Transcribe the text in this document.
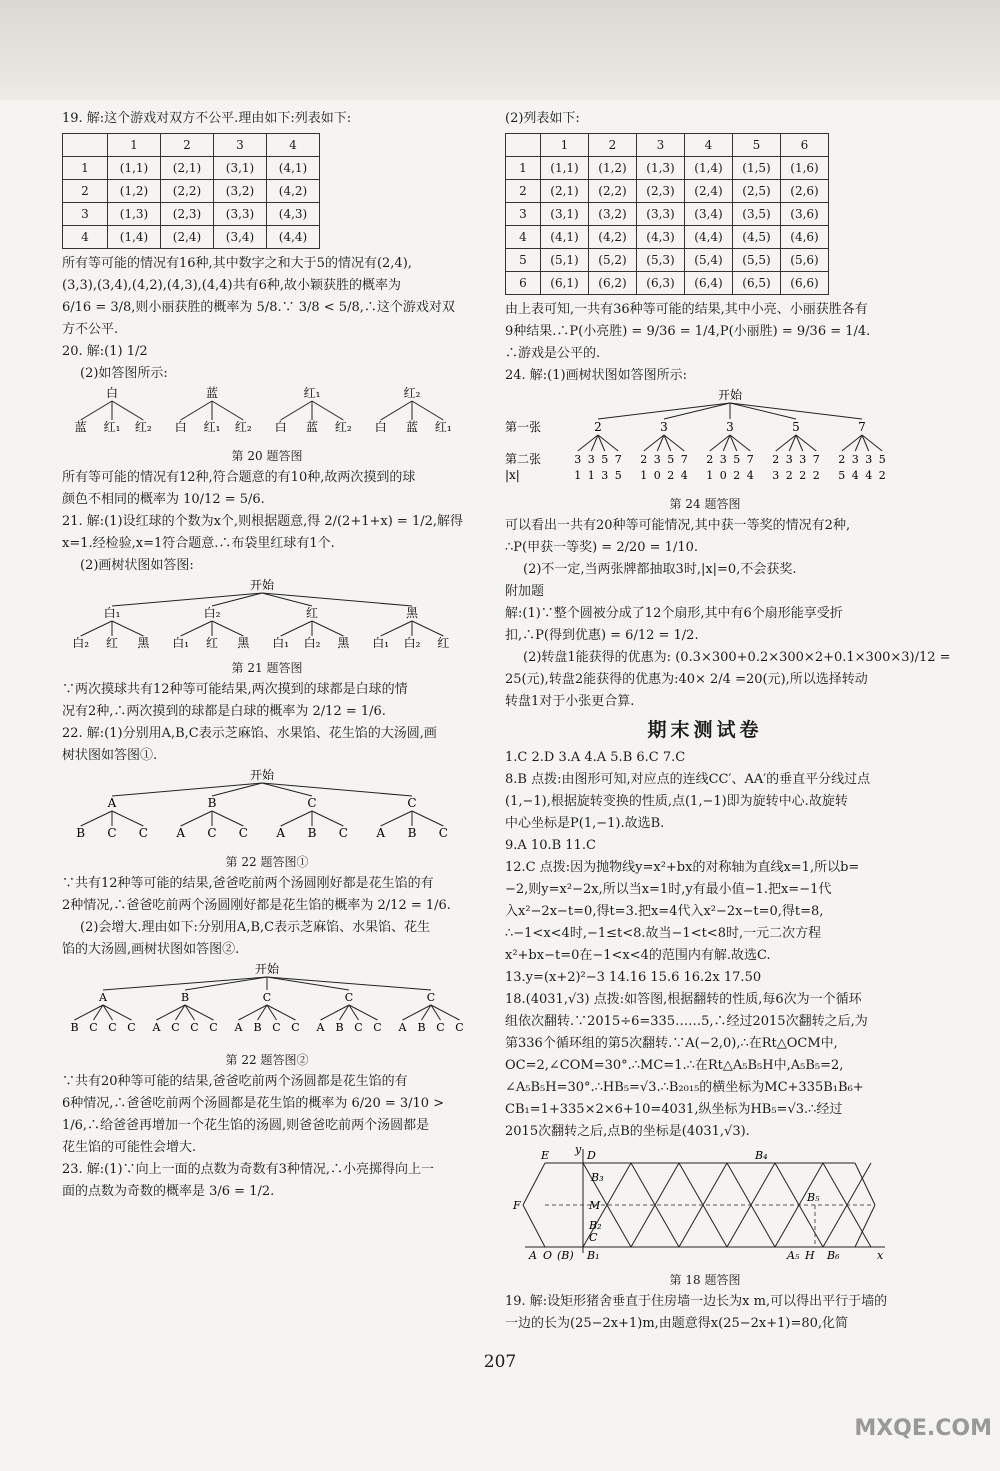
19. 解:这个游戏对双方不公平.理由如下:列表如下:

	1	2	3	4
1	(1,1)	(2,1)	(3,1)	(4,1)
2	(1,2)	(2,2)	(3,2)	(4,2)
3	(1,3)	(2,3)	(3,3)	(4,3)
4	(1,4)	(2,4)	(3,4)	(4,4)

所有等可能的情况有16种,其中数字之和大于5的情况有(2,4),

(3,3),(3,4),(4,2),(4,3),(4,4)共有6种,故小颖获胜的概率为

6/16 = 3/8,则小丽获胜的概率为 5/8.∵ 3/8 < 5/8,∴这个游戏对双

方不公平.

20. 解:(1) 1/2

(2)如答图所示:

白
蓝 红₁ 红₂
蓝
白 红₁ 红₂
红₁
白 蓝 红₂
红₂
白 蓝 红₁

第 20 题答图

所有等可能的情况有12种,符合题意的有10种,故两次摸到的球

颜色不相同的概率为 10/12 = 5/6.

21. 解:(1)设红球的个数为x个,则根据题意,得 2/(2+1+x) = 1/2,解得

x=1.经检验,x=1符合题意.∴布袋里红球有1个.

(2)画树状图如答图:

开始
白₁
白₂ 红 黑
白₂
白₁ 红 黑
红
白₁ 白₂ 黑
黑
白₁ 白₂ 红

第 21 题答图

∵两次摸球共有12种等可能结果,两次摸到的球都是白球的情

况有2种,∴两次摸到的球都是白球的概率为 2/12 = 1/6.

22. 解:(1)分别用A,B,C表示芝麻馅、水果馅、花生馅的大汤圆,画

树状图如答图①.

开始
A
B C C
B
A C C
C
A B C
C
A B C

第 22 题答图①

∵共有12种等可能的结果,爸爸吃前两个汤圆刚好都是花生馅的有

2种情况,∴爸爸吃前两个汤圆刚好都是花生馅的概率为 2/12 = 1/6.

(2)会增大.理由如下:分别用A,B,C表示芝麻馅、水果馅、花生

馅的大汤圆,画树状图如答图②.

开始
A
B C C C
B
A C C C
C
A B C C
C
A B C C
C
A B C C

第 22 题答图②

∵共有20种等可能的结果,爸爸吃前两个汤圆都是花生馅的有

6种情况,∴爸爸吃前两个汤圆都是花生馅的概率为 6/20 = 3/10 >

1/6,∴给爸爸再增加一个花生馅的汤圆,则爸爸吃前两个汤圆都是

花生馅的可能性会增大.

23. 解:(1)∵向上一面的点数为奇数有3种情况,∴小亮掷得向上一

面的点数为奇数的概率是 3/6 = 1/2.

(2)列表如下:

	1	2	3	4	5	6
1	(1,1)	(1,2)	(1,3)	(1,4)	(1,5)	(1,6)
2	(2,1)	(2,2)	(2,3)	(2,4)	(2,5)	(2,6)
3	(3,1)	(3,2)	(3,3)	(3,4)	(3,5)	(3,6)
4	(4,1)	(4,2)	(4,3)	(4,4)	(4,5)	(4,6)
5	(5,1)	(5,2)	(5,3)	(5,4)	(5,5)	(5,6)
6	(6,1)	(6,2)	(6,3)	(6,4)	(6,5)	(6,6)

由上表可知,一共有36种等可能的结果,其中小亮、小丽获胜各有

9种结果.∴P(小亮胜) = 9/36 = 1/4,P(小丽胜) = 9/36 = 1/4.

∴游戏是公平的.

24. 解:(1)画树状图如答图所示:

开始
第一张
第二张
|x|
2
3
1
3
1
5
3
7
5
3
2
1
3
0
5
2
7
4
3
2
1
3
0
5
2
7
4
5
2
3
3
2
3
2
7
2
7
2
5
3
4
3
4
5
2

第 24 题答图

可以看出一共有20种等可能情况,其中获一等奖的情况有2种,

∴P(甲获一等奖) = 2/20 = 1/10.

(2)不一定,当两张牌都抽取3时,|x|=0,不会获奖.

附加题

解:(1)∵整个圆被分成了12个扇形,其中有6个扇形能享受折

扣,∴P(得到优惠) = 6/12 = 1/2.

(2)转盘1能获得的优惠为: (0.3×300+0.2×300×2+0.1×300×3)/12 =

25(元),转盘2能获得的优惠为:40× 2/4 =20(元),所以选择转动

转盘1对于小张更合算.

期末测试卷

1.C 2.D 3.A 4.A 5.B 6.C 7.C

8.B 点拨:由图形可知,对应点的连线CC′、AA′的垂直平分线过点

(1,−1),根据旋转变换的性质,点(1,−1)即为旋转中心.故旋转

中心坐标是P(1,−1).故选B.

9.A 10.B 11.C

12.C 点拨:因为抛物线y=x²+bx的对称轴为直线x=1,所以b=

−2,则y=x²−2x,所以当x=1时,y有最小值−1.把x=−1代

入x²−2x−t=0,得t=3.把x=4代入x²−2x−t=0,得t=8,

∴−1<x<4时,−1≤t<8.故当−1<t<8时,一元二次方程

x²+bx−t=0在−1<x<4的范围内有解.故选C.

13.y=(x+2)²−3 14.16 15.6 16.2x 17.50

18.(4031,√3) 点拨:如答图,根据翻转的性质,每6次为一个循环

组依次翻转.∵2015÷6=335……5,∴经过2015次翻转之后,为

第336个循环组的第5次翻转.∵A(−2,0),∴在Rt△OCM中,

OC=2,∠COM=30°.∴MC=1.∴在Rt△A₅B₅H中,A₅B₅=2,

∠A₅B₅H=30°.∴HB₅=√3.∴B₂₀₁₅的横坐标为MC+335B₁B₆+

CB₁=1+335×2×6+10=4031,纵坐标为HB₅=√3.∴经过

2015次翻转之后,点B的坐标是(4031,√3).

y
E	D
B₃
B₄
F	M
B₂
B₅
C
A O (B) B₁	A₅ H B₆	x

第 18 题答图

19. 解:设矩形猪舍垂直于住房墙一边长为x m,可以得出平行于墙的

一边的长为(25−2x+1)m,由题意得x(25−2x+1)=80,化简

207
MXQE.COM
